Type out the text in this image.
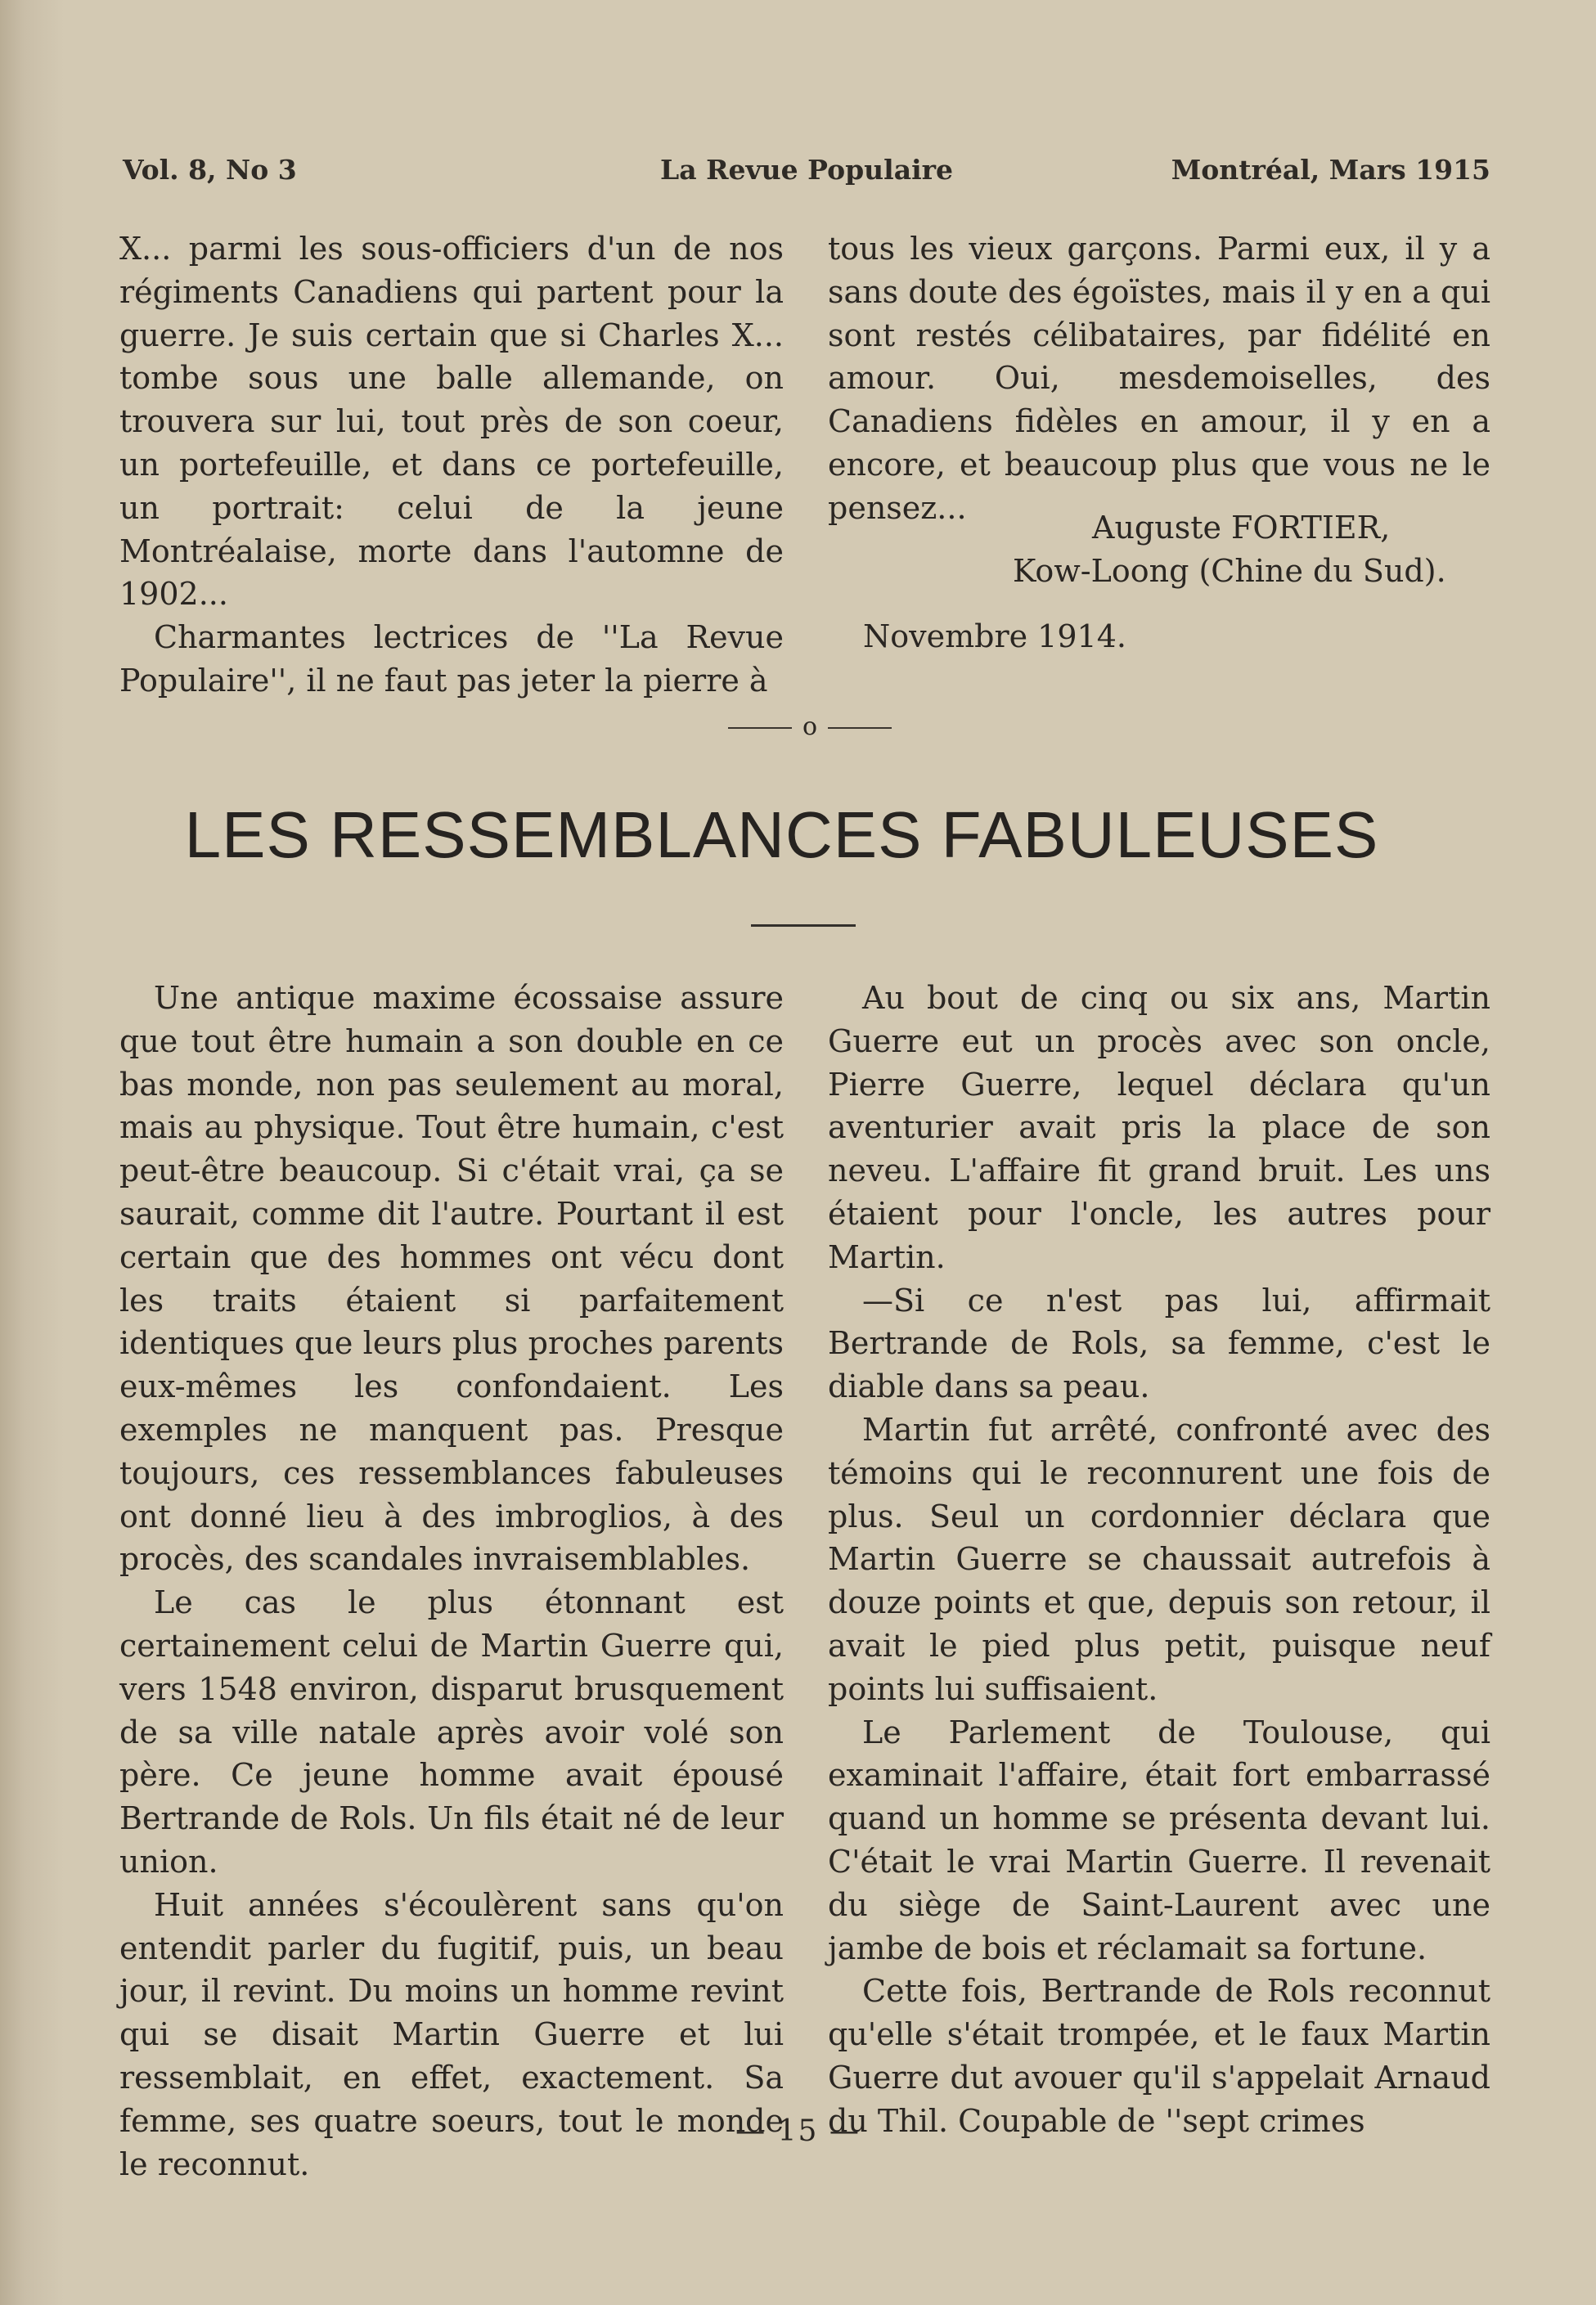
Vol. 8, No 3	La Revue Populaire	Montréal, Mars 1915

X... parmi les sous-officiers d'un de nos régiments Canadiens qui partent pour la guerre. Je suis certain que si Charles X... tombe sous une balle allemande, on trouvera sur lui, tout près de son coeur, un portefeuille, et dans ce portefeuille, un portrait: celui de la jeune Montréalaise, morte dans l'automne de 1902...

Charmantes lectrices de ''La Revue Populaire'', il ne faut pas jeter la pierre à

tous les vieux garçons. Parmi eux, il y a sans doute des égoïstes, mais il y en a qui sont restés célibataires, par fidélité en amour. Oui, mesdemoiselles, des Canadiens fidèles en amour, il y en a encore, et beaucoup plus que vous ne le pensez...

Auguste FORTIER,
Kow-Loong (Chine du Sud).
Novembre 1914.
o
LES RESSEMBLANCES FABULEUSES

Une antique maxime écossaise assure que tout être humain a son double en ce bas monde, non pas seulement au moral, mais au physique. Tout être humain, c'est peut-être beaucoup. Si c'était vrai, ça se saurait, comme dit l'autre. Pourtant il est certain que des hommes ont vécu dont les traits étaient si parfaitement identiques que leurs plus proches parents eux-mêmes les confondaient. Les exemples ne manquent pas. Presque toujours, ces ressemblances fabuleuses ont donné lieu à des imbroglios, à des procès, des scandales invraisemblables.

Le cas le plus étonnant est certainement celui de Martin Guerre qui, vers 1548 environ, disparut brusquement de sa ville natale après avoir volé son père. Ce jeune homme avait épousé Bertrande de Rols. Un fils était né de leur union.

Huit années s'écoulèrent sans qu'on entendit parler du fugitif, puis, un beau jour, il revint. Du moins un homme revint qui se disait Martin Guerre et lui ressemblait, en effet, exactement. Sa femme, ses quatre soeurs, tout le monde le reconnut.

Au bout de cinq ou six ans, Martin Guerre eut un procès avec son oncle, Pierre Guerre, lequel déclara qu'un aventurier avait pris la place de son neveu. L'affaire fit grand bruit. Les uns étaient pour l'oncle, les autres pour Martin.

—Si ce n'est pas lui, affirmait Bertrande de Rols, sa femme, c'est le diable dans sa peau.

Martin fut arrêté, confronté avec des témoins qui le reconnurent une fois de plus. Seul un cordonnier déclara que Martin Guerre se chaussait autrefois à douze points et que, depuis son retour, il avait le pied plus petit, puisque neuf points lui suffisaient.

Le Parlement de Toulouse, qui examinait l'affaire, était fort embarrassé quand un homme se présenta devant lui. C'était le vrai Martin Guerre. Il revenait du siège de Saint-Laurent avec une jambe de bois et réclamait sa fortune.

Cette fois, Bertrande de Rols reconnut qu'elle s'était trompée, et le faux Martin Guerre dut avouer qu'il s'appelait Arnaud du Thil. Coupable de ''sept crimes

— 15 —
